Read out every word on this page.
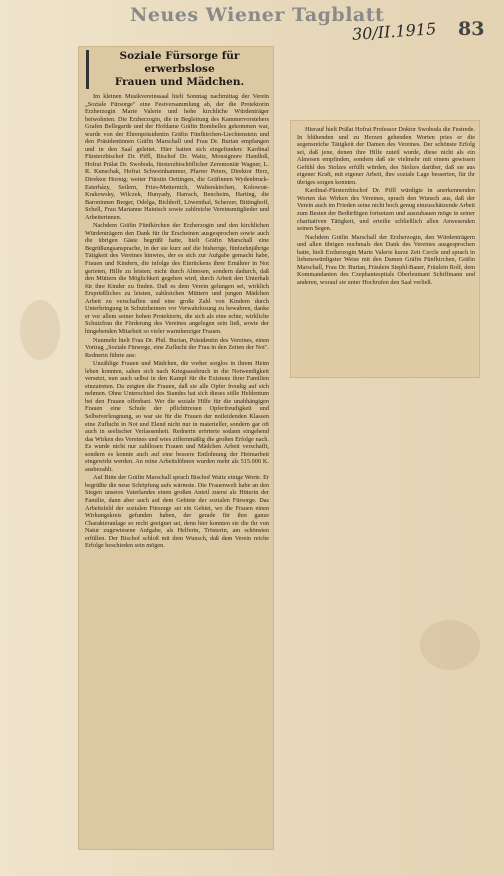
Neues Wiener Tagblatt
30/II.1915 83
Soziale Fürsorge für erwerbslose
Frauen und Mädchen.

Im kleinen Musikvereinssaal hielt Sonntag nachmittag der Verein „Soziale Fürsorge" eine Festversammlung ab, der die Protektorin Erzherzogin Marie Valerie und hohe kirchliche Würdenträger beiwohnten. Die Erzherzogin, die in Begleitung des Kammervorstehers Grafen Bellegarde und der Hofdame Gräfin Bombelles gekommen war, wurde von der Ehrenpräsidentin Gräfin Fünfkirchen-Liechtenstein und den Präsidentinnen Gräfin Marschall und Frau Dr. Burian empfangen und in den Saal geleitet. Hier hatten sich eingefunden: Kardinal Fürsterzbischof Dr. Piffl, Bischof Dr. Waitz, Monsignore Handloß, Hofrat Prälat Dr. Swoboda, fürsterzbischöflicher Zeremoniär Wagner, L. R. Kunschak, Hofrat Schweinhammer, Pfarrer Peters, Direktor Herz, Direktor Hornig; weiter Fürstin Oettingen, die Gräfinnen Wydenbruck-Esterházy, Seilern, Fries-Metternich, Walterskirchen, Kolowrat-Krakowsky, Wilczek, Hunyady, Harrach, Bencheim, Harting, die Baroninnen Berger, Odelga, Bichhoff, Löwenthal, Scherzer, Bittinghoff, Schell, Frau Marianne Hainisch sowie zahlreiche Vereinsmitglieder und Arbeiterinnen.

Nachdem Gräfin Fünfkirchen der Erzherzogin und den kirchlichen Würdenträgern den Dank für ihr Erscheinen ausgesprochen sowie auch die übrigen Gäste begrüßt hatte, hielt Gräfin Marschall eine Begrüßungsansprache, in der sie kurz auf die bisherige, fünfzehnjährige Tätigkeit des Vereines hinwies, der es sich zur Aufgabe gemacht habe, Frauen und Kindern, die infolge des Einrückens ihrer Ernährer in Not gerieten, Hilfe zu leisten; nicht durch Almosen, sondern dadurch, daß den Müttern die Möglichkeit gegeben wird, durch Arbeit den Unterhalt für ihre Kinder zu finden. Daß es dem Verein gelungen sei, wirklich Ersprießliches zu leisten, zahlreichen Müttern und jungen Mädchen Arbeit zu verschaffen und eine große Zahl von Kindern durch Unterbringung in Schutzheimen vor Verwahrlosung zu bewahren, danke er vor allem seiner hohen Protektorin, die sich als eine echte, wirkliche Schutzfrau die Förderung des Vereines angelegen sein ließ, sowie der hingebenden Mitarbeit so vieler warmherziger Frauen.

Nunmehr hielt Frau Dr. Phil. Burian, Präsidentin des Vereines, einen Vortrag „Soziale Fürsorge, eine Zuflucht der Frau in den Zeiten der Not". Rednerin führte aus:

Unzählige Frauen und Mädchen, die vorher sorglos in ihrem Heim leben konnten, sahen sich nach Kriegsausbruch in die Notwendigkeit versetzt, nun auch selbst in den Kampf für die Existenz ihrer Familien einzutreten. Da zeigten die Frauen, daß sie alle Opfer freudig auf sich nehmen. Ohne Unterschied des Standes hat sich dieses stille Heldentum bei den Frauen offenbart. Wer die soziale Hilfe für die unabhängigen Frauen eine Schule der pflichttreuen Opferfreudigkeit und Selbstverleugnung, so war sie für die Frauen der notleidenden Klassen eine Zuflucht in Not und Elend nicht nur in materieller, sondern gar oft auch in seelischer Verlassenheit. Rednerin erörterte sodann eingehend das Wirken des Vereines und wies ziffernmäßig die großen Erfolge nach. Es wurde nicht nur zahllosen Frauen und Mädchen Arbeit verschafft, sondern es konnte auch auf eine bessere Entlohnung der Heimarbeit eingewirkt werden. An reine Arbeitslöhnen wurden mehr als 515.000 K. ausbezahlt.

Auf Bitte der Gräfin Marschall sprach Bischof Waitz einige Worte. Er begrüßte die neue Schöpfung aufs wärmste. Die Frauenwelt habe an den Siegen unseres Vaterlandes einen großen Anteil zuerst als Hüterin der Familie, dann aber auch auf dem Gebiete der sozialen Fürsorge. Das Arbeitsfeld der sozialen Fürsorge sei ein Gebiet, wo die Frauen einen Wirkungskreis gefunden haben, der gerade für ihre ganze Charakteranlage so recht geeignet sei, denn hier konnten sie die ihr von Natur zugewiesene Aufgabe, als Helferin, Trösterin, am schönsten erfüllen. Der Bischof schloß mit dem Wunsch, daß dem Verein reiche Erfolge beschieden sein mögen.

Hierauf hielt Prälat Hofrat Professor Doktor Swoboda die Festrede. In blühenden und zu Herzen gehenden Worten pries er die segensreiche Tätigkeit der Damen des Vereines. Der schönste Erfolg sei, daß jene, denen ihre Hilfe zuteil wurde, diese nicht als ein Almosen empfinden, sondern daß sie vielmehr mit einem gewissen Gefühl des Stolzes erfüllt würden, des Stolzes darüber, daß sie aus eigener Kraft, mit eigener Arbeit, ihre soziale Lage besserten, für ihr übriges sorgen konnten.

Kardinal-Fürsterzbischof Dr. Piffl würdigte in anerkennenden Worten das Wirken des Vereines, sprach den Wunsch aus, daß der Verein auch im Frieden seine nicht hoch genug einzuschätzende Arbeit zum Besten der Bedürftigen fortsetzen und auszubauen möge in seiner charitativen Tätigkeit, und erteilte schließlich allen Anwesenden seinen Segen.

Nachdem Gräfin Marschall der Erzherzogin, den Würdenträgern und allen übrigen nochmals den Dank des Vereines ausgesprochen hatte, hielt Erzherzogin Marie Valerie kurze Zeit Cercle und sprach in liebenswürdigster Weise mit den Damen Gräfin Fünfkirchen, Gräfin Marschall, Frau Dr. Burian, Fräulein Stephl-Bauer, Fräulein Rolf, dem Kommandanten des Czephaniespitals Oberleutnant Schiffmann und anderen, worauf sie unter Hochrufen den Saal verließ.
